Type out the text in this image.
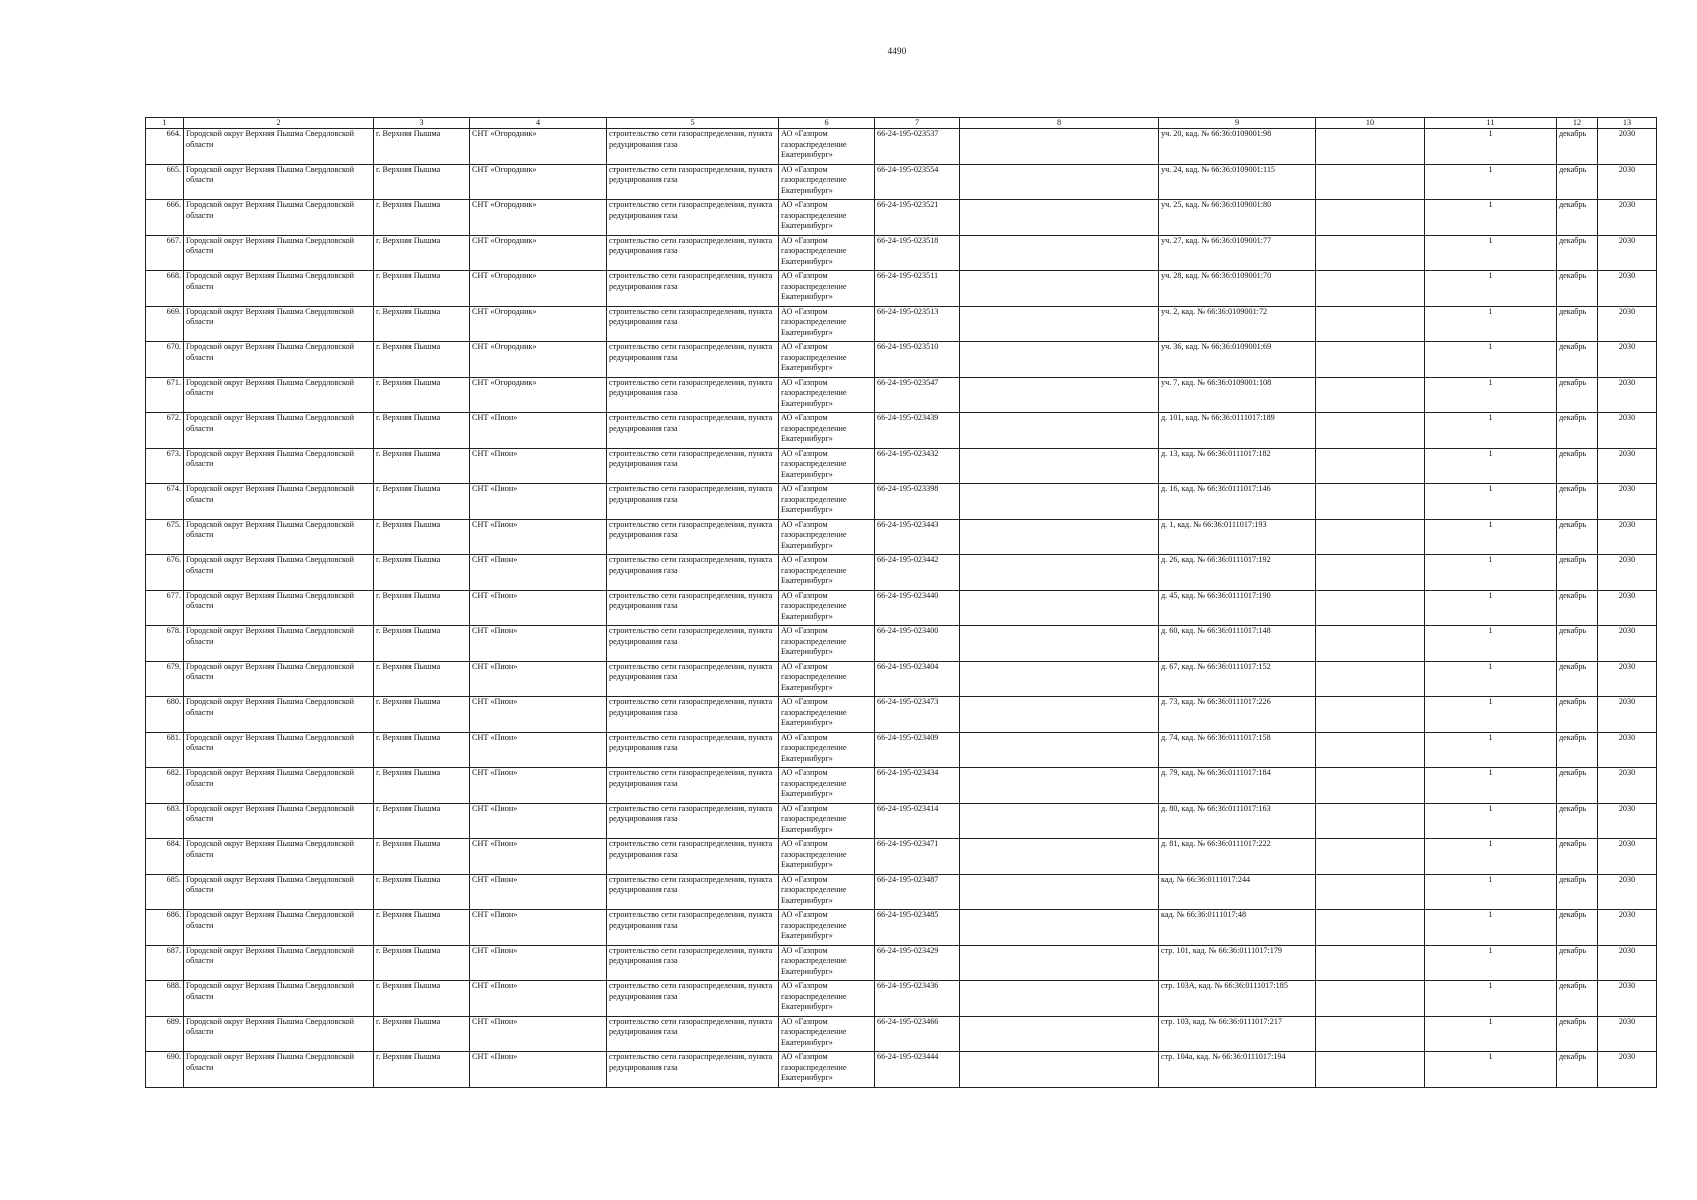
4490
1	2	3	4	5	6	7	8	9	10	11	12	13
664.	Городской округ Верхняя Пышма Свердловской области	г. Верхняя Пышма	СНТ «Огородник»	строительство сети газораспределения, пункта редуцирования газа	АО «Газпром газораспределение Екатеринбург»	66-24-195-023537		уч. 20, кад. № 66:36:0109001:98		1	декабрь	2030
665.	Городской округ Верхняя Пышма Свердловской области	г. Верхняя Пышма	СНТ «Огородник»	строительство сети газораспределения, пункта редуцирования газа	АО «Газпром газораспределение Екатеринбург»	66-24-195-023554		уч. 24, кад. № 66:36:0109001:115		1	декабрь	2030
666.	Городской округ Верхняя Пышма Свердловской области	г. Верхняя Пышма	СНТ «Огородник»	строительство сети газораспределения, пункта редуцирования газа	АО «Газпром газораспределение Екатеринбург»	66-24-195-023521		уч. 25, кад. № 66:36:0109001:80		1	декабрь	2030
667.	Городской округ Верхняя Пышма Свердловской области	г. Верхняя Пышма	СНТ «Огородник»	строительство сети газораспределения, пункта редуцирования газа	АО «Газпром газораспределение Екатеринбург»	66-24-195-023518		уч. 27, кад. № 66:36:0109001:77		1	декабрь	2030
668.	Городской округ Верхняя Пышма Свердловской области	г. Верхняя Пышма	СНТ «Огородник»	строительство сети газораспределения, пункта редуцирования газа	АО «Газпром газораспределение Екатеринбург»	66-24-195-023511		уч. 28, кад. № 66:36:0109001:70		1	декабрь	2030
669.	Городской округ Верхняя Пышма Свердловской области	г. Верхняя Пышма	СНТ «Огородник»	строительство сети газораспределения, пункта редуцирования газа	АО «Газпром газораспределение Екатеринбург»	66-24-195-023513		уч. 2, кад. № 66:36:0109001:72		1	декабрь	2030
670.	Городской округ Верхняя Пышма Свердловской области	г. Верхняя Пышма	СНТ «Огородник»	строительство сети газораспределения, пункта редуцирования газа	АО «Газпром газораспределение Екатеринбург»	66-24-195-023510		уч. 36, кад. № 66:36:0109001:69		1	декабрь	2030
671.	Городской округ Верхняя Пышма Свердловской области	г. Верхняя Пышма	СНТ «Огородник»	строительство сети газораспределения, пункта редуцирования газа	АО «Газпром газораспределение Екатеринбург»	66-24-195-023547		уч. 7, кад. № 66:36:0109001:108		1	декабрь	2030
672.	Городской округ Верхняя Пышма Свердловской области	г. Верхняя Пышма	СНТ «Пион»	строительство сети газораспределения, пункта редуцирования газа	АО «Газпром газораспределение Екатеринбург»	66-24-195-023439		д. 101, кад. № 66:36:0111017:189		1	декабрь	2030
673.	Городской округ Верхняя Пышма Свердловской области	г. Верхняя Пышма	СНТ «Пион»	строительство сети газораспределения, пункта редуцирования газа	АО «Газпром газораспределение Екатеринбург»	66-24-195-023432		д. 13, кад. № 66:36:0111017:182		1	декабрь	2030
674.	Городской округ Верхняя Пышма Свердловской области	г. Верхняя Пышма	СНТ «Пион»	строительство сети газораспределения, пункта редуцирования газа	АО «Газпром газораспределение Екатеринбург»	66-24-195-023398		д. 16, кад. № 66:36:0111017:146		1	декабрь	2030
675.	Городской округ Верхняя Пышма Свердловской области	г. Верхняя Пышма	СНТ «Пион»	строительство сети газораспределения, пункта редуцирования газа	АО «Газпром газораспределение Екатеринбург»	66-24-195-023443		д. 1, кад. № 66:36:0111017:193		1	декабрь	2030
676.	Городской округ Верхняя Пышма Свердловской области	г. Верхняя Пышма	СНТ «Пион»	строительство сети газораспределения, пункта редуцирования газа	АО «Газпром газораспределение Екатеринбург»	66-24-195-023442		д. 26, кад. № 66:36:0111017:192		1	декабрь	2030
677.	Городской округ Верхняя Пышма Свердловской области	г. Верхняя Пышма	СНТ «Пион»	строительство сети газораспределения, пункта редуцирования газа	АО «Газпром газораспределение Екатеринбург»	66-24-195-023440		д. 45, кад. № 66:36:0111017:190		1	декабрь	2030
678.	Городской округ Верхняя Пышма Свердловской области	г. Верхняя Пышма	СНТ «Пион»	строительство сети газораспределения, пункта редуцирования газа	АО «Газпром газораспределение Екатеринбург»	66-24-195-023400		д. 60, кад. № 66:36:0111017:148		1	декабрь	2030
679.	Городской округ Верхняя Пышма Свердловской области	г. Верхняя Пышма	СНТ «Пион»	строительство сети газораспределения, пункта редуцирования газа	АО «Газпром газораспределение Екатеринбург»	66-24-195-023404		д. 67, кад. № 66:36:0111017:152		1	декабрь	2030
680.	Городской округ Верхняя Пышма Свердловской области	г. Верхняя Пышма	СНТ «Пион»	строительство сети газораспределения, пункта редуцирования газа	АО «Газпром газораспределение Екатеринбург»	66-24-195-023473		д. 73, кад. № 66:36:0111017:226		1	декабрь	2030
681.	Городской округ Верхняя Пышма Свердловской области	г. Верхняя Пышма	СНТ «Пион»	строительство сети газораспределения, пункта редуцирования газа	АО «Газпром газораспределение Екатеринбург»	66-24-195-023409		д. 74, кад. № 66:36:0111017:158		1	декабрь	2030
682.	Городской округ Верхняя Пышма Свердловской области	г. Верхняя Пышма	СНТ «Пион»	строительство сети газораспределения, пункта редуцирования газа	АО «Газпром газораспределение Екатеринбург»	66-24-195-023434		д. 79, кад. № 66:36:0111017:184		1	декабрь	2030
683.	Городской округ Верхняя Пышма Свердловской области	г. Верхняя Пышма	СНТ «Пион»	строительство сети газораспределения, пункта редуцирования газа	АО «Газпром газораспределение Екатеринбург»	66-24-195-023414		д. 80, кад. № 66:36:0111017:163		1	декабрь	2030
684.	Городской округ Верхняя Пышма Свердловской области	г. Верхняя Пышма	СНТ «Пион»	строительство сети газораспределения, пункта редуцирования газа	АО «Газпром газораспределение Екатеринбург»	66-24-195-023471		д. 81, кад. № 66:36:0111017:222		1	декабрь	2030
685.	Городской округ Верхняя Пышма Свердловской области	г. Верхняя Пышма	СНТ «Пион»	строительство сети газораспределения, пункта редуцирования газа	АО «Газпром газораспределение Екатеринбург»	66-24-195-023487		кад. № 66:36:0111017:244		1	декабрь	2030
686.	Городской округ Верхняя Пышма Свердловской области	г. Верхняя Пышма	СНТ «Пион»	строительство сети газораспределения, пункта редуцирования газа	АО «Газпром газораспределение Екатеринбург»	66-24-195-023485		кад. № 66:36:0111017:48		1	декабрь	2030
687.	Городской округ Верхняя Пышма Свердловской области	г. Верхняя Пышма	СНТ «Пион»	строительство сети газораспределения, пункта редуцирования газа	АО «Газпром газораспределение Екатеринбург»	66-24-195-023429		стр. 101, кад. № 66:36:0111017:179		1	декабрь	2030
688.	Городской округ Верхняя Пышма Свердловской области	г. Верхняя Пышма	СНТ «Пион»	строительство сети газораспределения, пункта редуцирования газа	АО «Газпром газораспределение Екатеринбург»	66-24-195-023436		стр. 103А, кад. № 66:36:0111017:185		1	декабрь	2030
689.	Городской округ Верхняя Пышма Свердловской области	г. Верхняя Пышма	СНТ «Пион»	строительство сети газораспределения, пункта редуцирования газа	АО «Газпром газораспределение Екатеринбург»	66-24-195-023466		стр. 103, кад. № 66:36:0111017:217		1	декабрь	2030
690.	Городской округ Верхняя Пышма Свердловской области	г. Верхняя Пышма	СНТ «Пион»	строительство сети газораспределения, пункта редуцирования газа	АО «Газпром газораспределение Екатеринбург»	66-24-195-023444		стр. 104а, кад. № 66:36:0111017:194		1	декабрь	2030
